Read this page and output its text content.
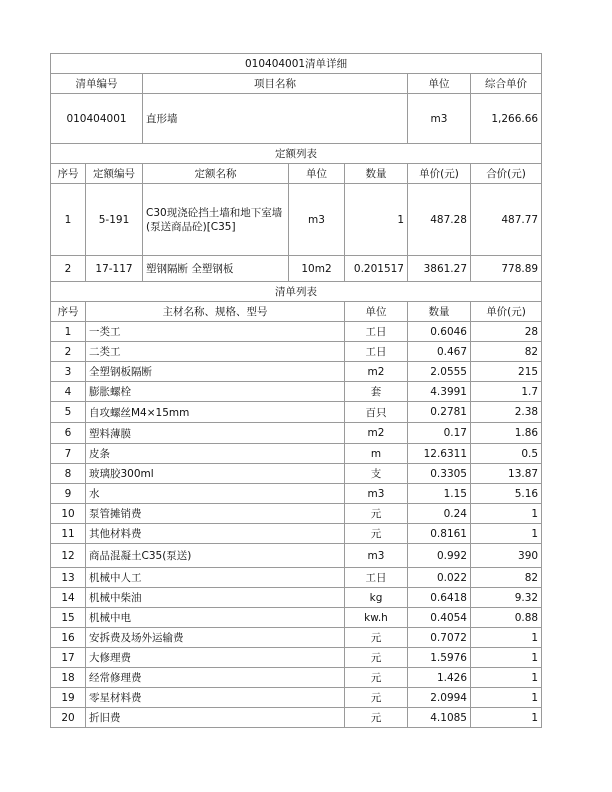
010404001清单详细							
清单编号		项目名称			单位	综合单价	
010404001		直形墙			m3	1,266.66	
定额列表							
序号	定额编号	定额名称	单位	数量	单价(元)	合价(元)	
1	5-191	C30现浇砼挡土墙和地下室墙(泵送商品砼)[C35]	m3	1	487.28	487.77	
2	17-117	塑钢隔断 全塑钢板	10m2	0.201517	3861.27	778.89	
清单列表							
序号	主材名称、规格、型号			单位	数量	单价(元)	
1	一类工			工日	0.6046	28	
2	二类工			工日	0.467	82	
3	全塑钢板隔断			m2	2.0555	215	
4	膨胀螺栓			套	4.3991	1.7	
5	自攻螺丝M4×15mm			百只	0.2781	2.38	
6	塑料薄膜			m2	0.17	1.86	
7	皮条			m	12.6311	0.5	
8	玻璃胶300ml			支	0.3305	13.87	
9	水			m3	1.15	5.16	
10	泵管摊销费			元	0.24	1	
11	其他材料费			元	0.8161	1	
12	商品混凝土C35(泵送)			m3	0.992	390	
13	机械中人工			工日	0.022	82	
14	机械中柴油			kg	0.6418	9.32	
15	机械中电			kw.h	0.4054	0.88	
16	安拆费及场外运输费			元	0.7072	1	
17	大修理费			元	1.5976	1	
18	经常修理费			元	1.426	1	
19	零星材料费			元	2.0994	1	
20	折旧费			元	4.1085	1	
